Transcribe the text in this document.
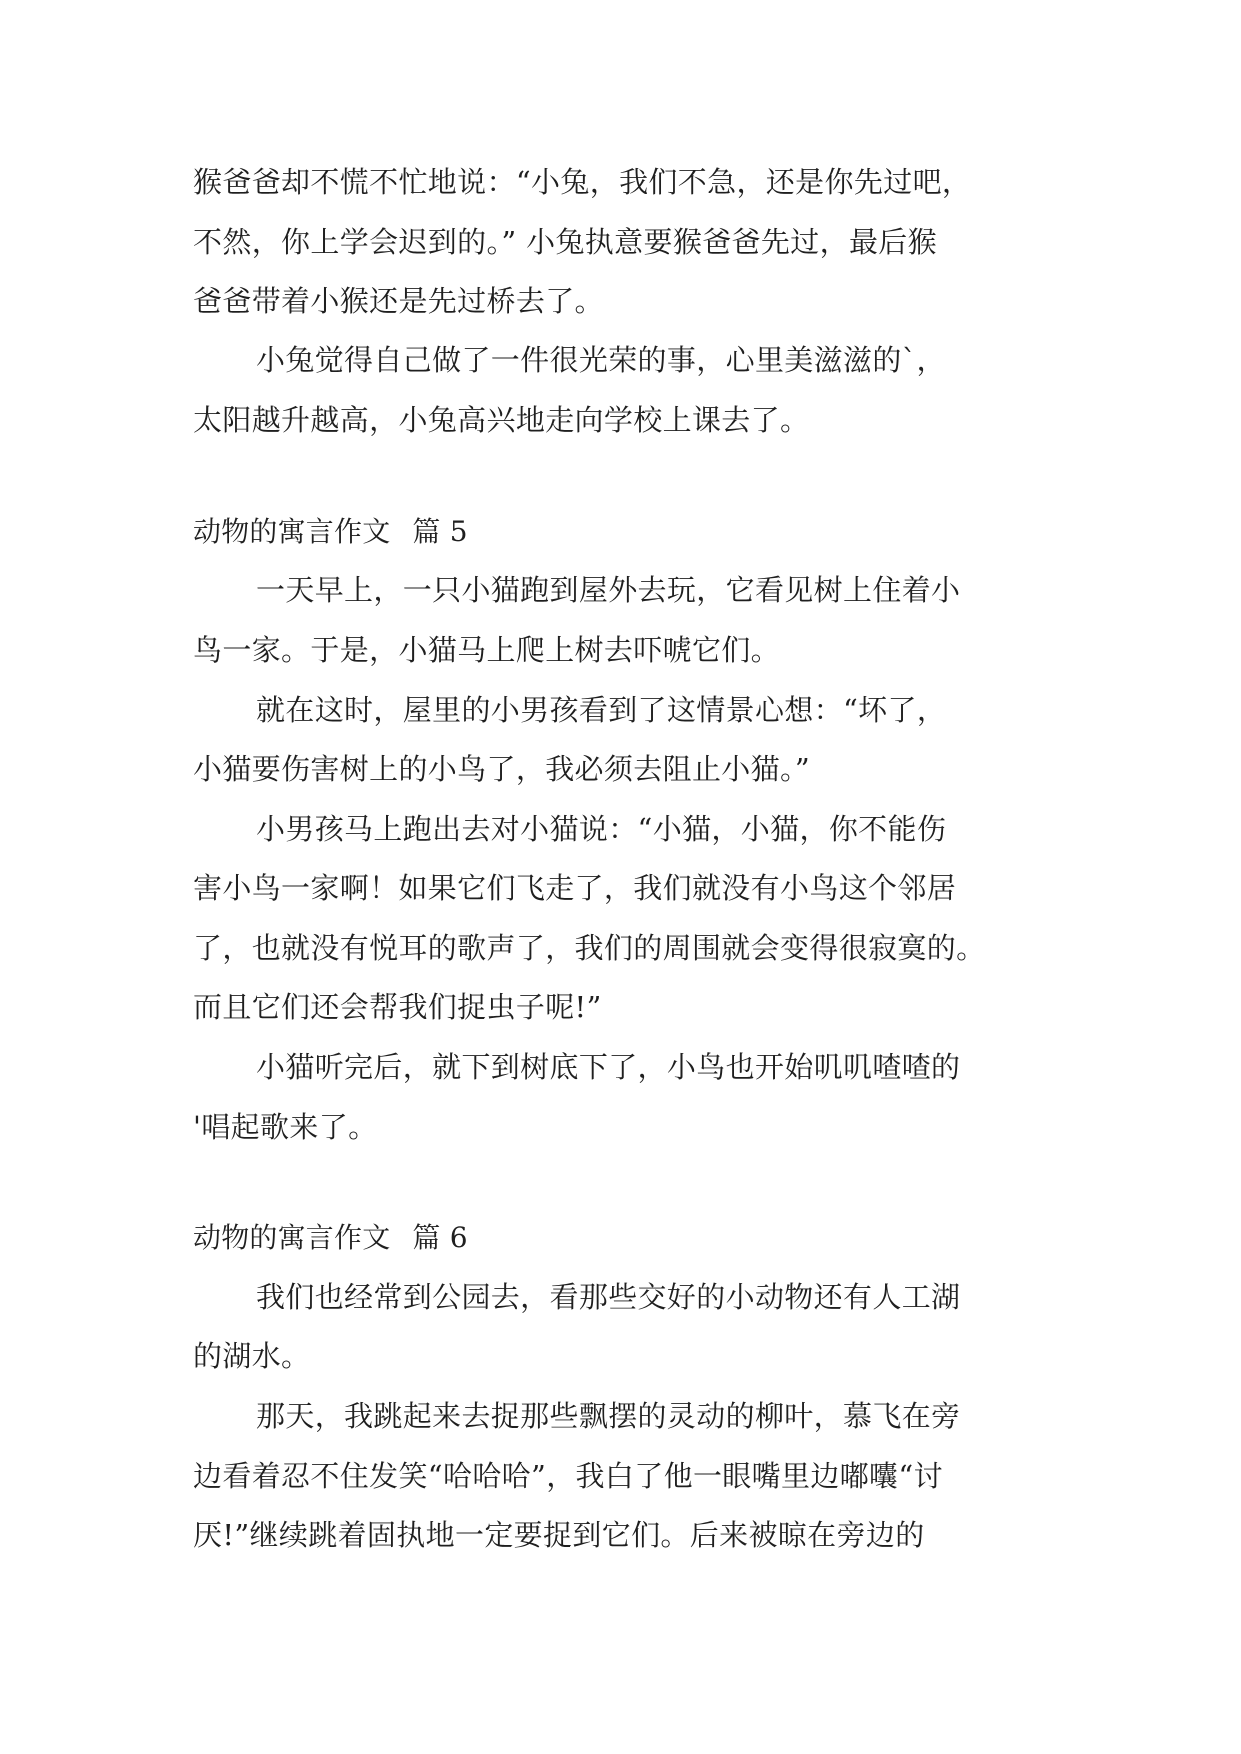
猴爸爸却不慌不忙地说：“小兔，我们不急，还是你先过吧，
不然，你上学会迟到的。” 小兔执意要猴爸爸先过，最后猴
爸爸带着小猴还是先过桥去了。
小兔觉得自己做了一件很光荣的事，心里美滋滋的`，
太阳越升越高，小兔高兴地走向学校上课去了。
动物的寓言作文 篇 5
一天早上，一只小猫跑到屋外去玩，它看见树上住着小
鸟一家。于是，小猫马上爬上树去吓唬它们。
就在这时，屋里的小男孩看到了这情景心想：“坏了，
小猫要伤害树上的小鸟了，我必须去阻止小猫。”
小男孩马上跑出去对小猫说：“小猫，小猫，你不能伤
害小鸟一家啊！如果它们飞走了，我们就没有小鸟这个邻居
了，也就没有悦耳的歌声了，我们的周围就会变得很寂寞的。
而且它们还会帮我们捉虫子呢!”
小猫听完后，就下到树底下了，小鸟也开始叽叽喳喳的
'唱起歌来了。
动物的寓言作文 篇 6
我们也经常到公园去，看那些交好的小动物还有人工湖
的湖水。
那天，我跳起来去捉那些飘摆的灵动的柳叶，慕飞在旁
边看着忍不住发笑“哈哈哈”，我白了他一眼嘴里边嘟囔“讨
厌!”继续跳着固执地一定要捉到它们。后来被晾在旁边的
